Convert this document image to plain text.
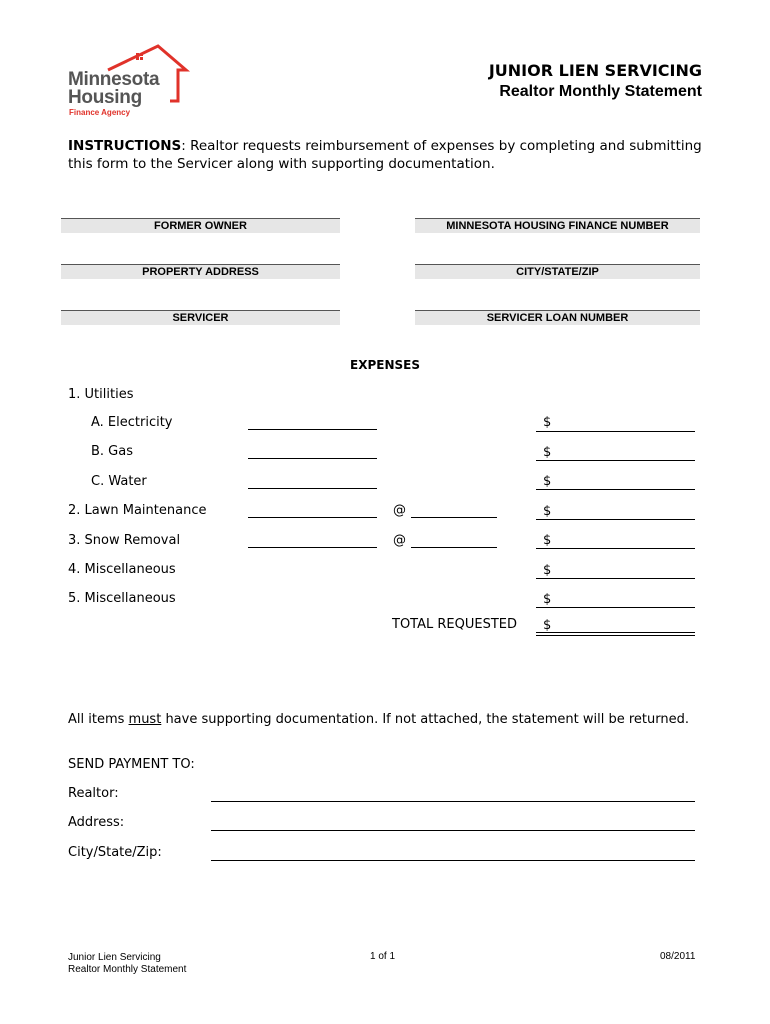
Minnesota
Housing
Finance Agency
JUNIOR LIEN SERVICING
Realtor Monthly Statement
INSTRUCTIONS: Realtor requests reimbursement of expenses by completing and submitting this form to the Servicer along with supporting documentation.
FORMER OWNER	MINNESOTA HOUSING FINANCE NUMBER
PROPERTY ADDRESS	CITY/STATE/ZIP
SERVICER	SERVICER LOAN NUMBER
EXPENSES
1. Utilities
A. Electricity	$
B. Gas	$
C. Water	$
2. Lawn Maintenance	@	$
3. Snow Removal	@	$
4. Miscellaneous	$
5. Miscellaneous	$
TOTAL REQUESTED $
All items must have supporting documentation. If not attached, the statement will be returned.
SEND PAYMENT TO:
Realtor:
Address:
City/State/Zip:
Junior Lien Servicing
Realtor Monthly Statement
1 of 1	08/2011
